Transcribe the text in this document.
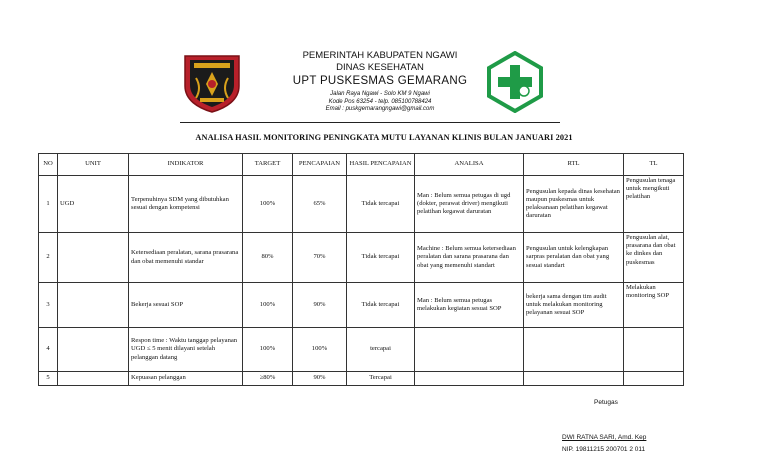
PEMERINTAH KABUPATEN NGAWI
DINAS KESEHATAN
UPT PUSKESMAS GEMARANG
Jalan Raya Ngawi - Solo KM 9 Ngawi
Kode Pos 63254 - telp. 085100788424
Email : puskgemarangngawi@gmail.com
ANALISA HASIL MONITORING PENINGKATA MUTU LAYANAN KLINIS BULAN JANUARI 2021
NO	UNIT	INDIKATOR	TARGET	PENCAPAIAN	HASIL PENCAPAIAN	ANALISA	RTL	TL
1	UGD	Terpenuhinya SDM yang dibutuhkan sesuai dengan kompetensi	100%	65%	Tidak tercapai	Man : Belum semua petugas di ugd (dokter, perawat driver) mengikuti pelatihan kegawat daruratan	Pengusulan kepada dinas kesehatan maupun puskesmas untuk pelaksanaan pelatihan kegawat daruratan	Pengusulan tenaga untuk mengikuti pelatihan
2		Ketersediaan peralatan, sarana prasarana dan obat memenuhi standar	80%	70%	Tidak tercapai	Machine : Belum semua ketersediaan peralatan dan sarana prasarana dan obat yang memenuhi standart	Pengusulan untuk kelengkapan sarpras peralatan dan obat yang sesuai standart	Pengusulan alat, prasarana dan obat ke dinkes dan puskesmas
3		Bekerja sesuai SOP	100%	90%	Tidak tercapai	Man : Belum semua petugas melakukan kegiatan sesuai SOP	bekerja sama dengan tim audit untuk melakukan monitoring pelayanan sesuai SOP	Melakukan monitoring SOP
4		Respon time : Waktu tanggap pelayanan UGD ≤ 5 menit dilayani setelah pelanggan datang	100%	100%	tercapai			
5		Kepuasan pelanggan	≥80%	90%	Tercapai			
Petugas
DWI RATNA SARI, Amd. Kep
NIP. 19811215 200701 2 011
